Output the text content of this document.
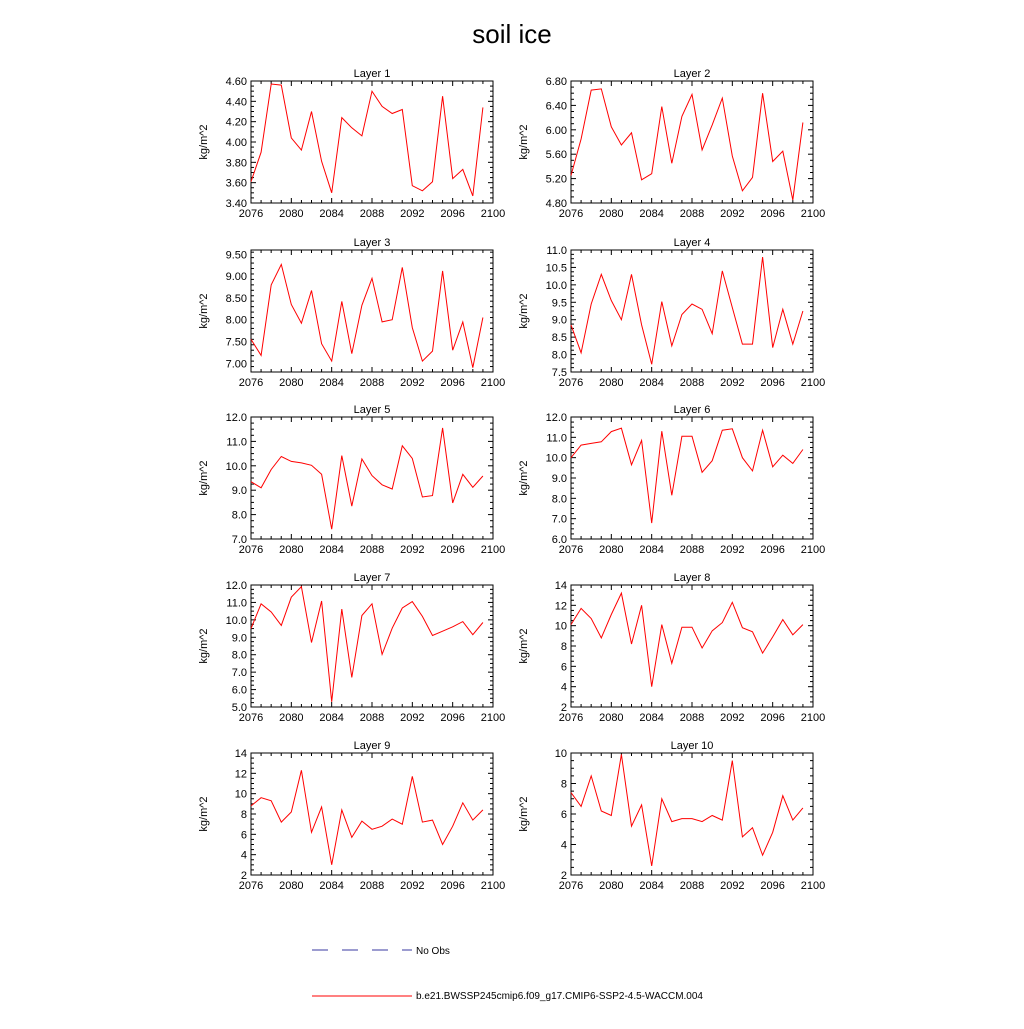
soil ice
Layer 1
kg/m^2
2076 2080 2084 2088 2092 2096 2100
3.40
3.60
3.80
4.00
4.20
4.40
4.60
Layer 2
kg/m^2
2076 2080 2084 2088 2092 2096 2100
4.80
5.20
5.60
6.00
6.40
6.80
Layer 3
kg/m^2
2076 2080 2084 2088 2092 2096 2100
7.00
7.50
8.00
8.50
9.00
9.50
Layer 4
kg/m^2
2076 2080 2084 2088 2092 2096 2100
7.5
8.0
8.5
9.0
9.5
10.0
10.5
11.0
Layer 5
kg/m^2
2076 2080 2084 2088 2092 2096 2100
7.0
8.0
9.0
10.0
11.0
12.0
Layer 6
kg/m^2
2076 2080 2084 2088 2092 2096 2100
6.0
7.0
8.0
9.0
10.0
11.0
12.0
Layer 7
kg/m^2
2076 2080 2084 2088 2092 2096 2100
5.0
6.0
7.0
8.0
9.0
10.0
11.0
12.0
Layer 8
kg/m^2
2076 2080 2084 2088 2092 2096 2100
2
4
6
8
10
12
14
Layer 9
kg/m^2
2076 2080 2084 2088 2092 2096 2100
2
4
6
8
10
12
14
Layer 10
kg/m^2
2076 2080 2084 2088 2092 2096 2100
2
4
6
8
10
No Obs
b.e21.BWSSP245cmip6.f09_g17.CMIP6-SSP2-4.5-WACCM.004
